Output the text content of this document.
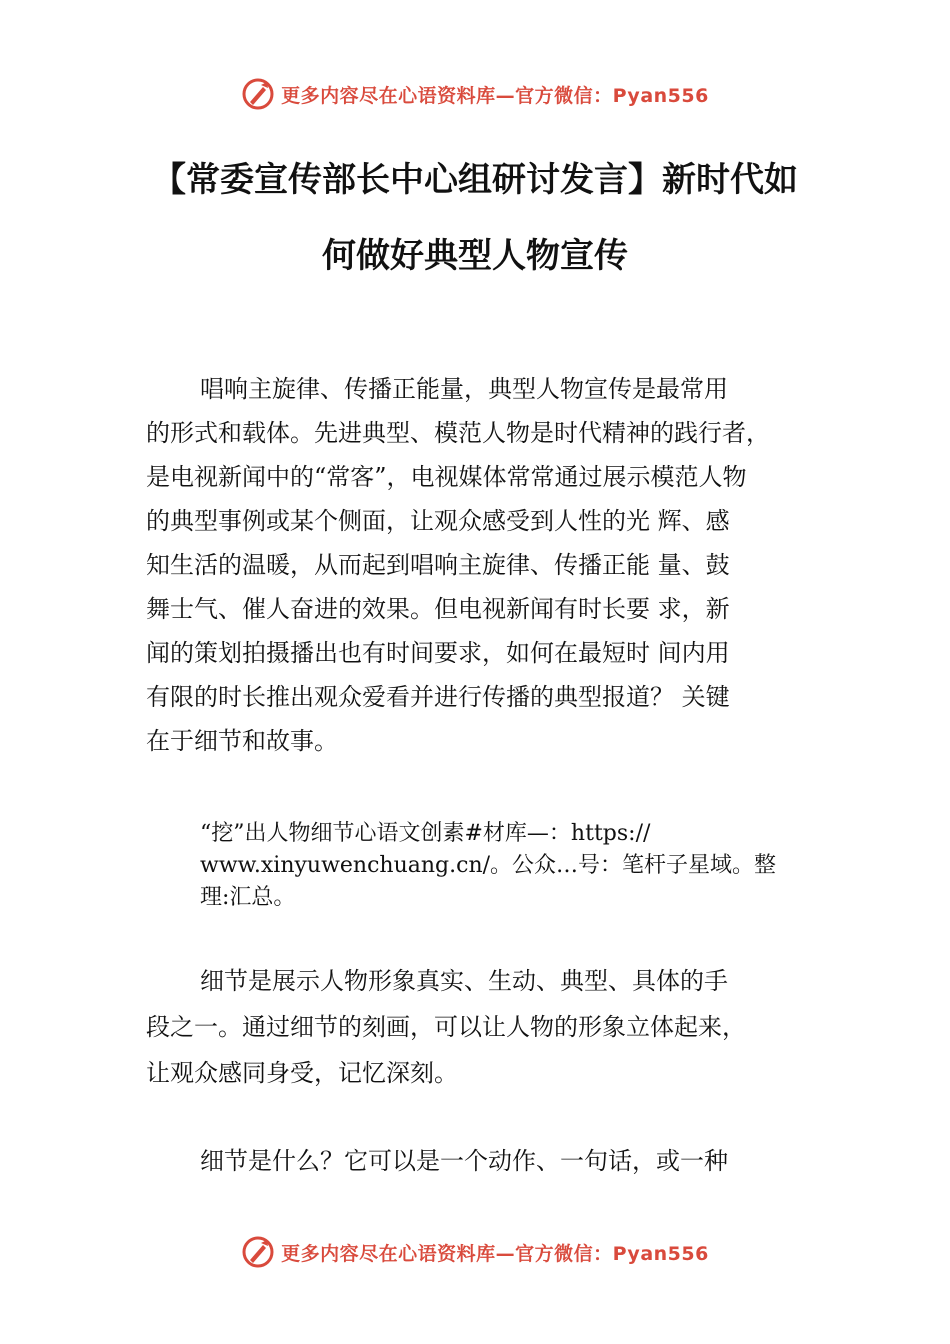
更多内容尽在心语资料库—官方微信：Pyan556
【常委宣传部长中心组研讨发言】新时代如
何做好典型人物宣传
唱响主旋律、传播正能量，典型人物宣传是最常用
的形式和载体。先进典型、模范人物是时代精神的践行者，
是电视新闻中的“常客”，电视媒体常常通过展示模范人物
的典型事例或某个侧面，让观众感受到人性的光 辉、感
知生活的温暖，从而起到唱响主旋律、传播正能 量、鼓
舞士气、催人奋进的效果。但电视新闻有时长要 求，新
闻的策划拍摄播出也有时间要求，如何在最短时 间内用
有限的时长推出观众爱看并进行传播的典型报道？ 关键
在于细节和故事。
“挖”出人物细节心语文创素#材库—：https://
www.xinyuwenchuang.cn/。公众…号：笔杆子星域。整
理:汇总。
细节是展示人物形象真实、生动、典型、具体的手
段之一。通过细节的刻画，可以让人物的形象立体起来，
让观众感同身受，记忆深刻。
细节是什么？它可以是一个动作、一句话，或一种
更多内容尽在心语资料库—官方微信：Pyan556
